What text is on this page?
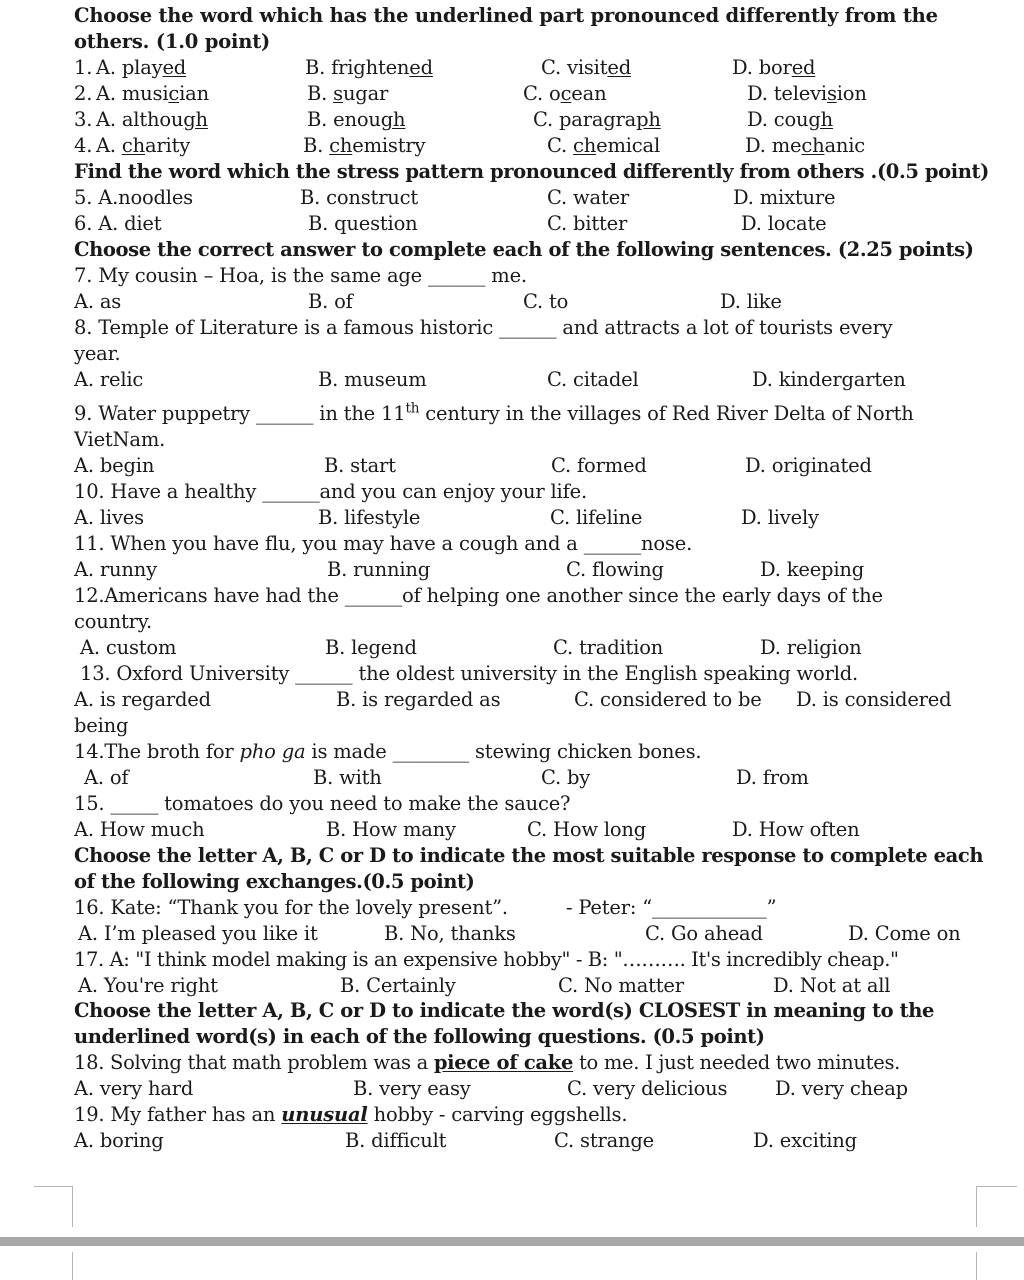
Choose the word which has the underlined part pronounced differently from the
others. (1.0 point)
1. A. played	B. frightened	C. visited	D. bored
2. A. musician	B. sugar	C. ocean	D. television
3. A. although	B. enough	C. paragraph	D. cough
4. A. charity	B. chemistry	C. chemical	D. mechanic
Find the word which the stress pattern pronounced differently from others .(0.5 point)
5. A.noodles	B. construct	C. water	D. mixture
6. A. diet	B. question	C. bitter	D. locate
Choose the correct answer to complete each of the following sentences. (2.25 points)
7. My cousin – Hoa, is the same age ______ me.
A. as	B. of	C. to	D. like
8. Temple of Literature is a famous historic ______ and attracts a lot of tourists every
year.
A. relic	B. museum	C. citadel	D. kindergarten
9. Water puppetry ______ in the 11th century in the villages of Red River Delta of North
VietNam.
A. begin	B. start	C. formed	D. originated
10. Have a healthy ______and you can enjoy your life.
A. lives	B. lifestyle	C. lifeline	D. lively
11. When you have flu, you may have a cough and a ______nose.
A. runny	B. running	C. flowing	D. keeping
12.Americans have had the ______of helping one another since the early days of the
country.
A. custom	B. legend	C. tradition	D. religion
13. Oxford University ______ the oldest university in the English speaking world.
A. is regarded	B. is regarded as	C. considered to be D. is considered
being
14.The broth for pho ga is made ________ stewing chicken bones.
A. of	B. with	C. by	D. from
15. _____ tomatoes do you need to make the sauce?
A. How much	B. How many	C. How long	D. How often
Choose the letter A, B, C or D to indicate the most suitable response to complete each
of the following exchanges.(0.5 point)
16. Kate: “Thank you for the lovely present”.	- Peter: “____________”
A. I’m pleased you like it	B. No, thanks	C. Go ahead	D. Come on
17. A: "I think model making is an expensive hobby" - B: "………. It's incredibly cheap."
A. You're right	B. Certainly	C. No matter	D. Not at all
Choose the letter A, B, C or D to indicate the word(s) CLOSEST in meaning to the
underlined word(s) in each of the following questions. (0.5 point)
18. Solving that math problem was a piece of cake to me. I just needed two minutes.
A. very hard	B. very easy	C. very delicious D. very cheap
19. My father has an unusual hobby - carving eggshells.
A. boring	B. difficult	C. strange	D. exciting
